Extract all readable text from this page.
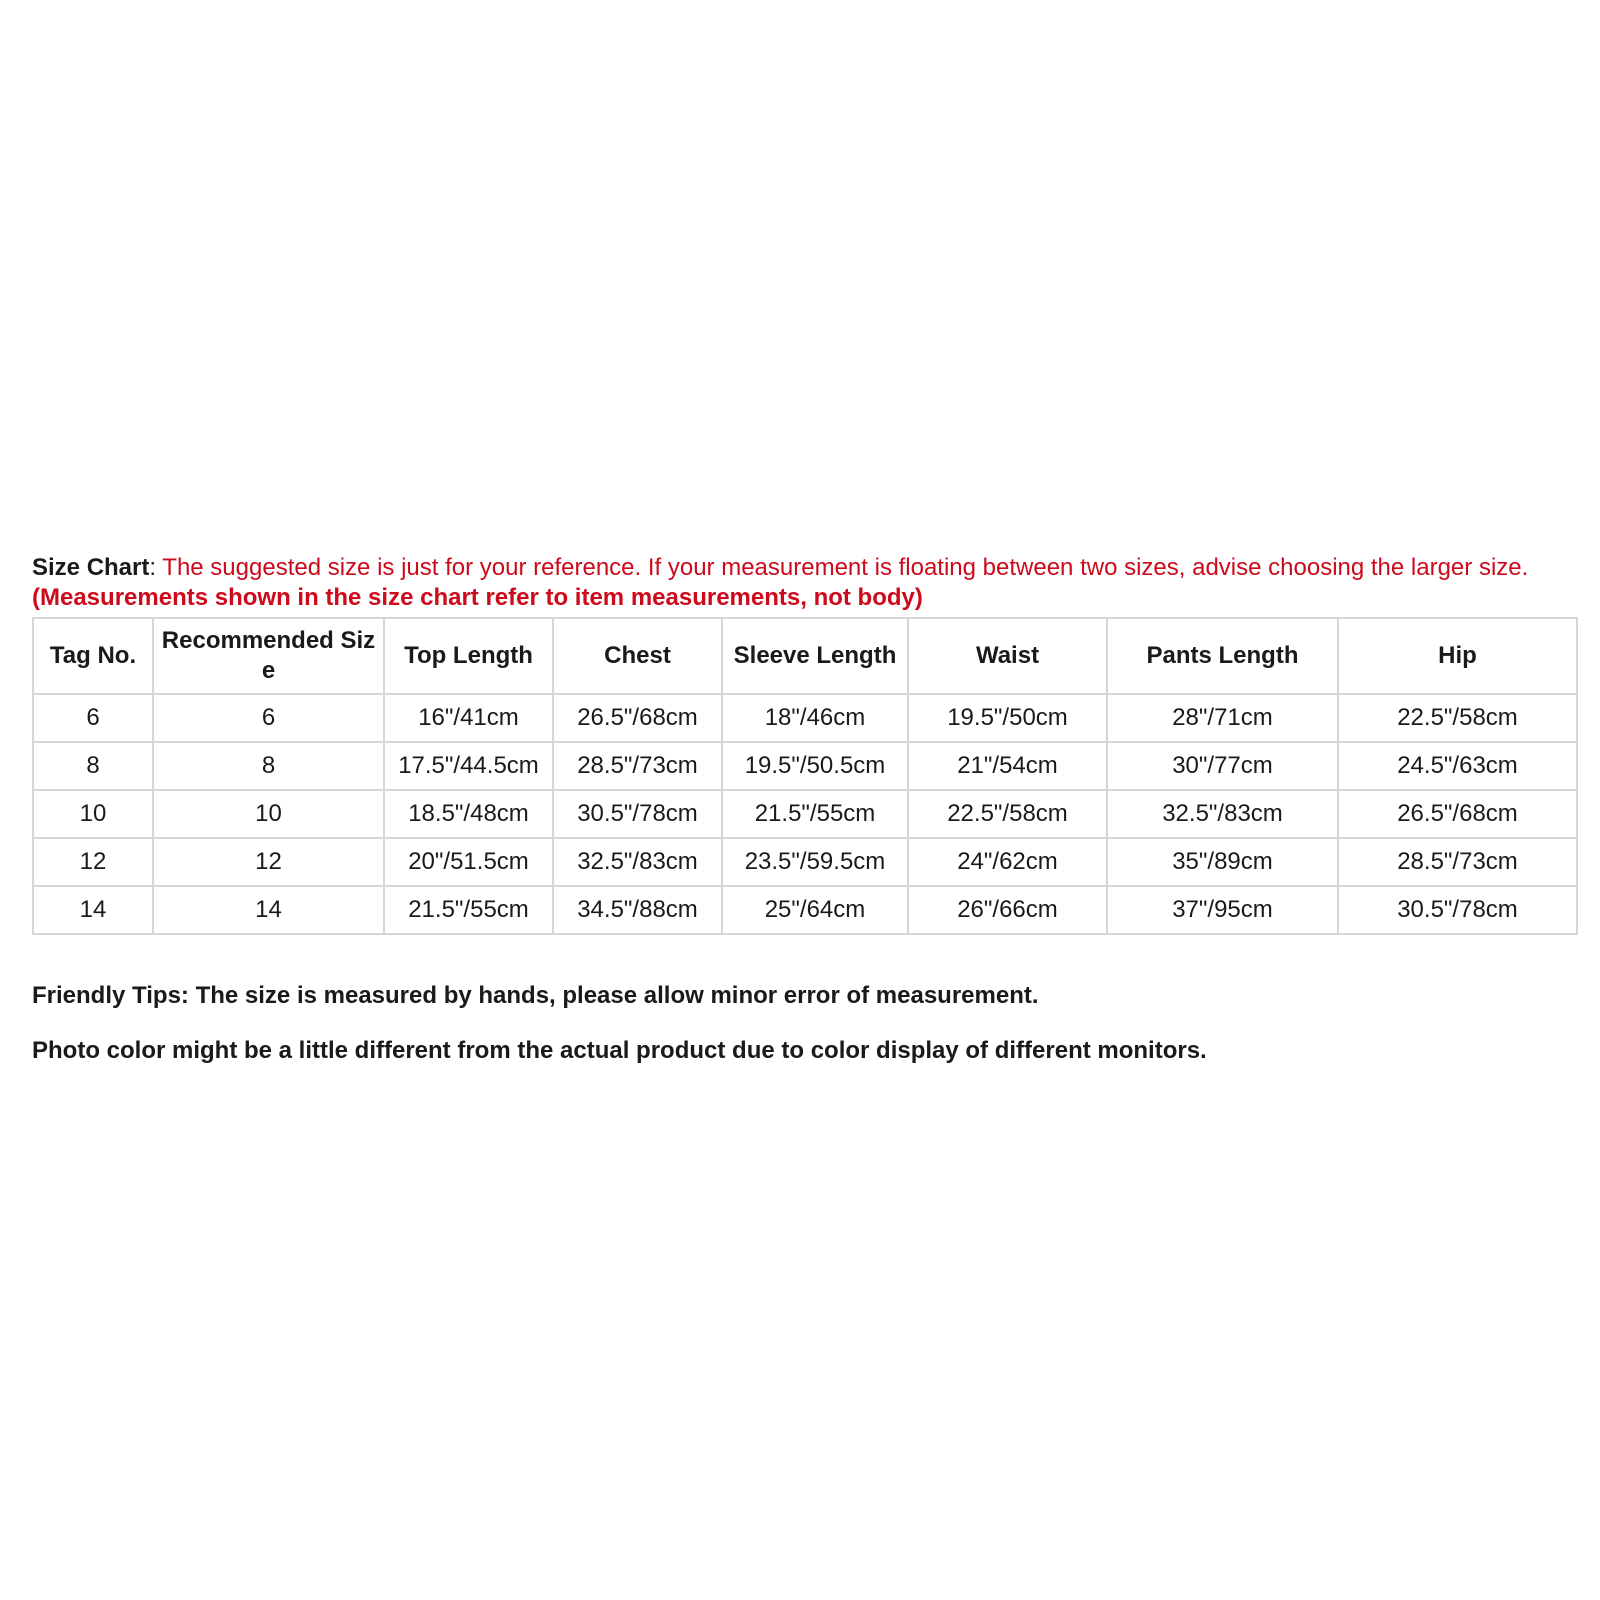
Size Chart: The suggested size is just for your reference. If your measurement is floating between two sizes, advise choosing the larger size. (Measurements shown in the size chart refer to item measurements, not body)

Tag No.	Recommended Size	Top Length	Chest	Sleeve Length	Waist	Pants Length	Hip
6	6	16"/41cm	26.5"/68cm	18"/46cm	19.5"/50cm	28"/71cm	22.5"/58cm
8	8	17.5"/44.5cm	28.5"/73cm	19.5"/50.5cm	21"/54cm	30"/77cm	24.5"/63cm
10	10	18.5"/48cm	30.5"/78cm	21.5"/55cm	22.5"/58cm	32.5"/83cm	26.5"/68cm
12	12	20"/51.5cm	32.5"/83cm	23.5"/59.5cm	24"/62cm	35"/89cm	28.5"/73cm
14	14	21.5"/55cm	34.5"/88cm	25"/64cm	26"/66cm	37"/95cm	30.5"/78cm

Friendly Tips: The size is measured by hands, please allow minor error of measurement.

Photo color might be a little different from the actual product due to color display of different monitors.
